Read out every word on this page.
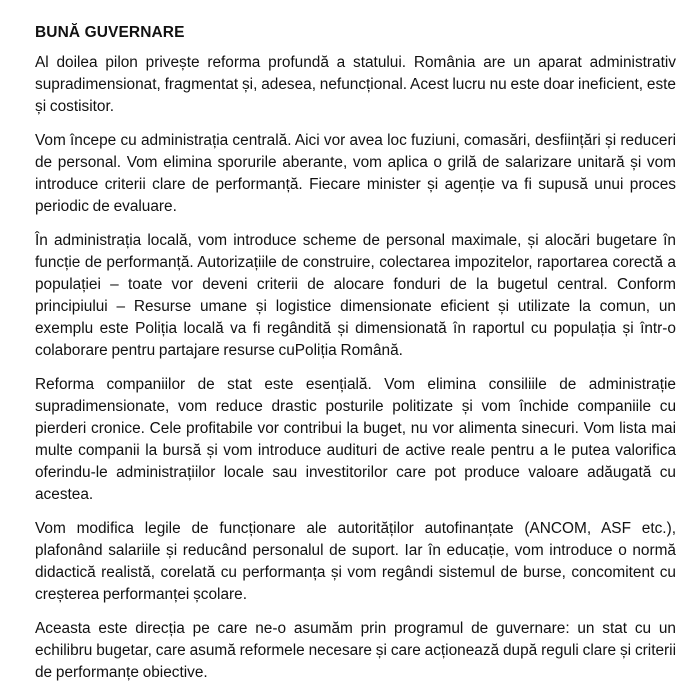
BUNĂ GUVERNARE

Al doilea pilon privește reforma profundă a statului. România are un aparat administrativ supradimensionat, fragmentat și, adesea, nefuncțional. Acest lucru nu este doar ineficient, este și costisitor.

Vom începe cu administrația centrală. Aici vor avea loc fuziuni, comasări, desființări și reduceri de personal. Vom elimina sporurile aberante, vom aplica o grilă de salarizare unitară și vom introduce criterii clare de performanță. Fiecare minister și agenție va fi supusă unui proces periodic de evaluare.

În administrația locală, vom introduce scheme de personal maximale, și alocări bugetare în funcție de performanță. Autorizațiile de construire, colectarea impozitelor, raportarea corectă a populației – toate vor deveni criterii de alocare fonduri de la bugetul central. Conform principiului – Resurse umane și logistice dimensionate eficient și utilizate la comun, un exemplu este Poliția locală va fi regândită și dimensionată în raportul cu populația și într-o colaborare pentru partajare resurse cuPoliția Română.

Reforma companiilor de stat este esențială. Vom elimina consiliile de administrație supradimensionate, vom reduce drastic posturile politizate și vom închide companiile cu pierderi cronice. Cele profitabile vor contribui la buget, nu vor alimenta sinecuri. Vom lista mai multe companii la bursă și vom introduce audituri de active reale pentru a le putea valorifica oferindu-le administrațiilor locale sau investitorilor care pot produce valoare adăugată cu acestea.

Vom modifica legile de funcționare ale autorităților autofinanțate (ANCOM, ASF etc.), plafonând salariile și reducând personalul de suport. Iar în educație, vom introduce o normă didactică realistă, corelată cu performanța și vom regândi sistemul de burse, concomitent cu creșterea performanței școlare.

Aceasta este direcția pe care ne-o asumăm prin programul de guvernare: un stat cu un echilibru bugetar, care asumă reformele necesare și care acționează după reguli clare și criterii de performanțe obiective.
